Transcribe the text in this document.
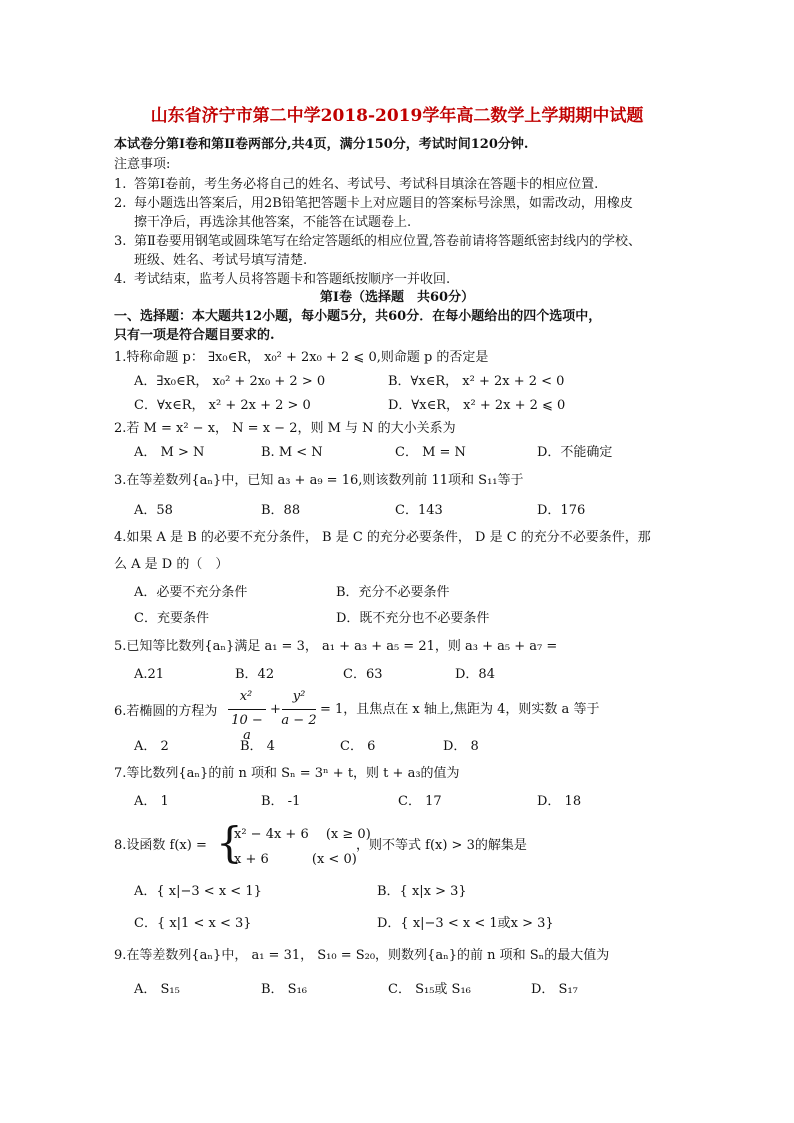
山东省济宁市第二中学2018-2019学年高二数学上学期期中试题
本试卷分第Ⅰ卷和第Ⅱ卷两部分,共4页，满分150分，考试时间120分钟.
注意事项:
1. 答第Ⅰ卷前，考生务必将自己的姓名、考试号、考试科目填涂在答题卡的相应位置.
2. 每小题选出答案后，用2B铅笔把答题卡上对应题目的答案标号涂黑，如需改动，用橡皮
擦干净后，再选涂其他答案，不能答在试题卷上.
3. 第Ⅱ卷要用钢笔或圆珠笔写在给定答题纸的相应位置,答卷前请将答题纸密封线内的学校、
班级、姓名、考试号填写清楚.
4. 考试结束，监考人员将答题卡和答题纸按顺序一并收回.
第Ⅰ卷（选择题　共60分）
一、选择题：本大题共12小题，每小题5分，共60分．在每小题给出的四个选项中，
只有一项是符合题目要求的.
1.特称命题 p： ∃x₀∈R， x₀² + 2x₀ + 2 ⩽ 0,则命题 p 的否定是
A．∃x₀∈R， x₀² + 2x₀ + 2 > 0	B．∀x∈R， x² + 2x + 2 < 0
C．∀x∈R， x² + 2x + 2 > 0	D．∀x∈R， x² + 2x + 2 ⩽ 0
2.若 M = x² − x， N = x − 2，则 M 与 N 的大小关系为
A． M > N	B. M < N	C． M = N	D．不能确定
3.在等差数列{aₙ}中，已知 a₃ + a₉ = 16,则该数列前 11项和 S₁₁等于
A．58	B．88	C．143	D．176
4.如果 A 是 B 的必要不充分条件， B 是 C 的充分必要条件， D 是 C 的充分不必要条件，那
么 A 是 D 的（　）
A．必要不充分条件	B．充分不必要条件
C．充要条件	D．既不充分也不必要条件
5.已知等比数列{aₙ}满足 a₁ = 3， a₁ + a₃ + a₅ = 21，则 a₃ + a₅ + a₇ =
A.21	B．42	C．63	D．84
6.若椭圆的方程为
x²
10 − a
+
y²
a − 2
= 1，且焦点在 x 轴上,焦距为 4，则实数 a 等于
A． 2	B． 4	C． 6	D． 8
7.等比数列{aₙ}的前 n 项和 Sₙ = 3ⁿ + t，则 t + a₃的值为
A． 1	B． -1	C． 17	D． 18
8.设函数 f(x) = {
x² − 4x + 6　 (x ≥ 0)
x + 6　　　 (x < 0)
，则不等式 f(x) > 3的解集是
A．{ x|−3 < x < 1}	B．{ x|x > 3}
C．{ x|1 < x < 3}	D．{ x|−3 < x < 1或x > 3}
9.在等差数列{aₙ}中， a₁ = 31， S₁₀ = S₂₀，则数列{aₙ}的前 n 项和 Sₙ的最大值为
A． S₁₅	B． S₁₆	C． S₁₅或 S₁₆	D． S₁₇
